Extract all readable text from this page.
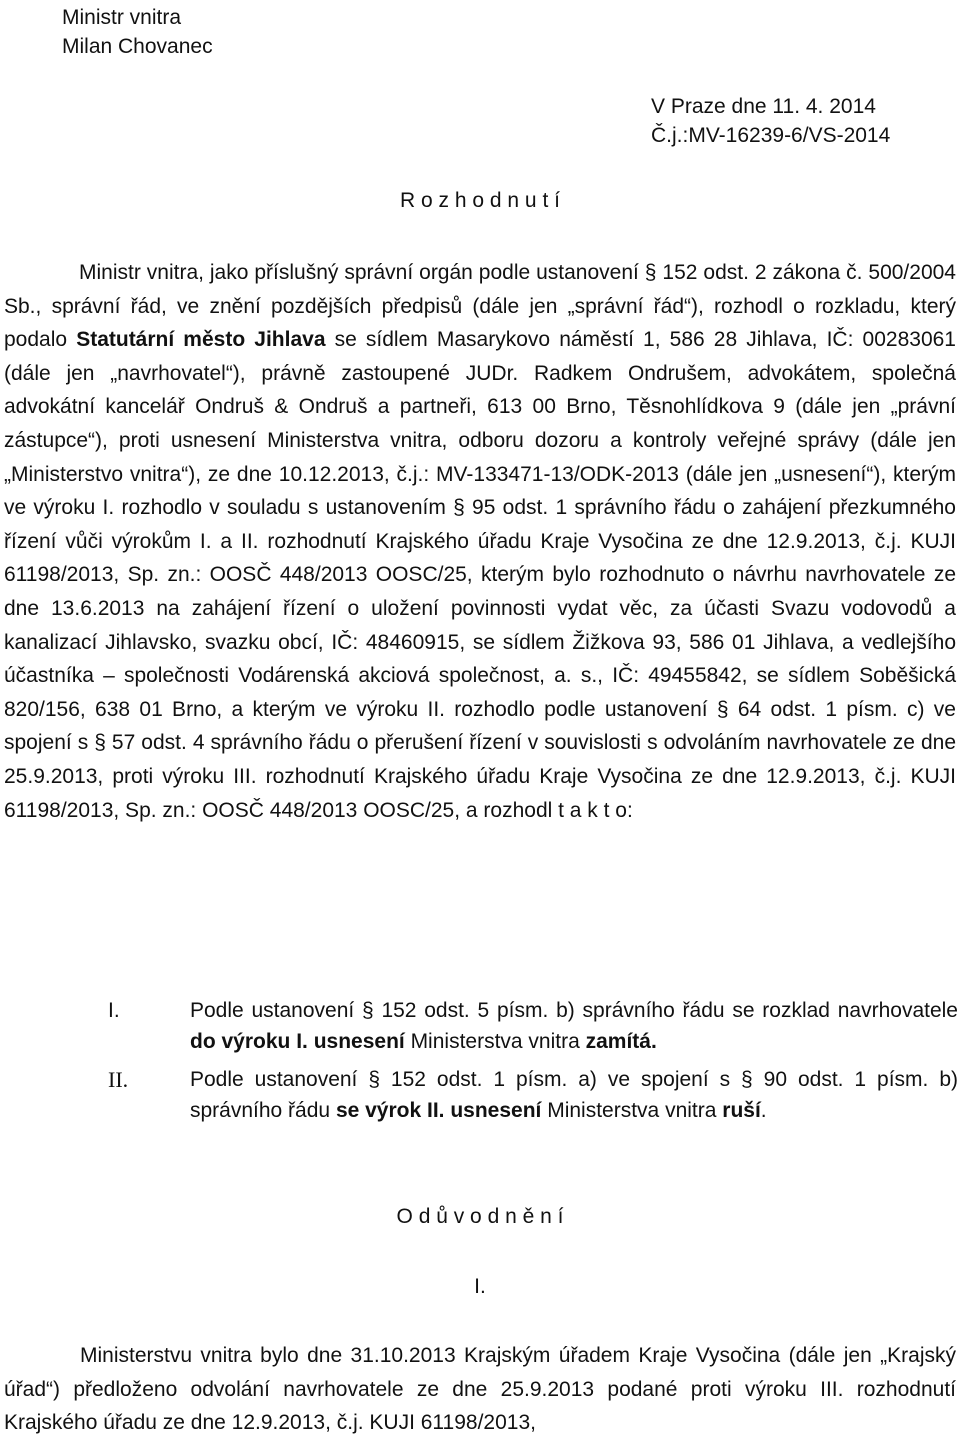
Ministr vnitra
Milan Chovanec
V Praze dne 11. 4. 2014
Č.j.:MV-16239-6/VS-2014
R o z h o d n u t í
Ministr vnitra, jako příslušný správní orgán podle ustanovení § 152 odst. 2 zákona č. 500/2004 Sb., správní řád, ve znění pozdějších předpisů (dále jen „správní řád“), rozhodl o rozkladu, který podalo Statutární město Jihlava se sídlem Masarykovo náměstí 1, 586 28 Jihlava, IČ: 00283061 (dále jen „navrhovatel“), právně zastoupené JUDr. Radkem Ondrušem, advokátem, společná advokátní kancelář Ondruš & Ondruš a partneři, 613 00 Brno, Těsnohlídkova 9 (dále jen „právní zástupce“), proti usnesení Ministerstva vnitra, odboru dozoru a kontroly veřejné správy (dále jen „Ministerstvo vnitra“), ze dne 10.12.2013, č.j.: MV-133471-13/ODK-2013 (dále jen „usnesení“), kterým ve výroku I. rozhodlo v souladu s ustanovením § 95 odst. 1 správního řádu o zahájení přezkumného řízení vůči výrokům I. a II. rozhodnutí Krajského úřadu Kraje Vysočina ze dne 12.9.2013, č.j. KUJI 61198/2013, Sp. zn.: OOSČ 448/2013 OOSC/25, kterým bylo rozhodnuto o návrhu navrhovatele ze dne 13.6.2013 na zahájení řízení o uložení povinnosti vydat věc, za účasti Svazu vodovodů a kanalizací Jihlavsko, svazku obcí, IČ: 48460915, se sídlem Žižkova 93, 586 01 Jihlava, a vedlejšího účastníka – společnosti Vodárenská akciová společnost, a. s., IČ: 49455842, se sídlem Soběšická 820/156, 638 01 Brno, a kterým ve výroku II. rozhodlo podle ustanovení § 64 odst. 1 písm. c) ve spojení s § 57 odst. 4 správního řádu o přerušení řízení v souvislosti s odvoláním navrhovatele ze dne 25.9.2013, proti výroku III. rozhodnutí Krajského úřadu Kraje Vysočina ze dne 12.9.2013, č.j. KUJI 61198/2013, Sp. zn.: OOSČ 448/2013 OOSC/25, a rozhodl t a k t o:
I.	Podle ustanovení § 152 odst. 5 písm. b) správního řádu se rozklad navrhovatele do výroku I. usnesení Ministerstva vnitra zamítá.
II.	Podle ustanovení § 152 odst. 1 písm. a) ve spojení s § 90 odst. 1 písm. b) správního řádu se výrok II. usnesení Ministerstva vnitra ruší.
O d ů v o d n ě n í
I.
Ministerstvu vnitra bylo dne 31.10.2013 Krajským úřadem Kraje Vysočina (dále jen „Krajský úřad“) předloženo odvolání navrhovatele ze dne 25.9.2013 podané proti výroku III. rozhodnutí Krajského úřadu ze dne 12.9.2013, č.j. KUJI 61198/2013,
